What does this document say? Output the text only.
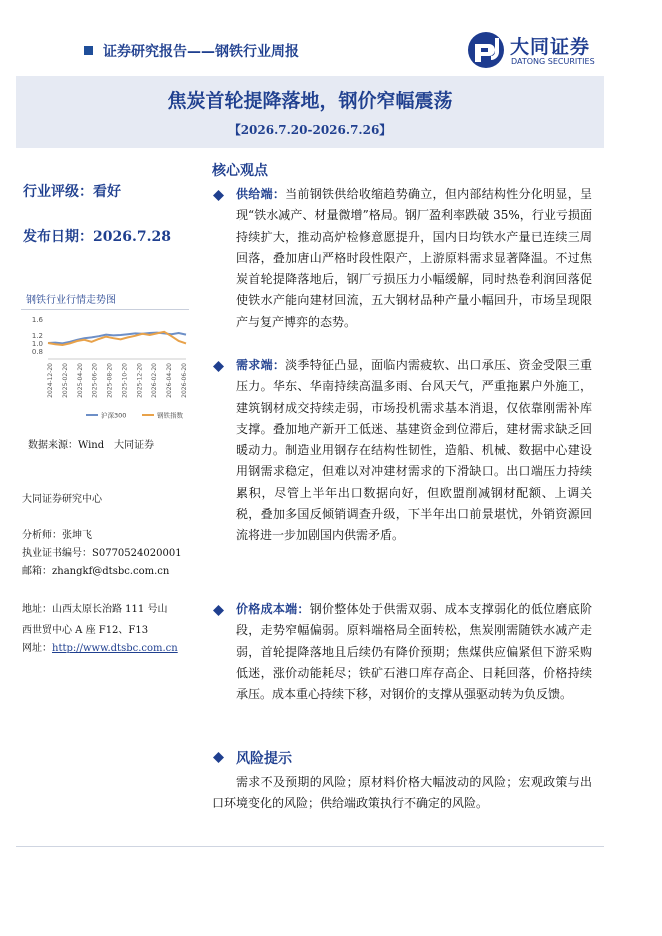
证券研究报告——钢铁行业周报	大同证券
DATONG SECURITIES
焦炭首轮提降落地，钢价窄幅震荡
【2026.7.20-2026.7.26】
行业评级：看好
发布日期：2026.7.28
钢铁行业行情走势图
1.6
1.2
1.0
0.8
2024-12-20 2025-02-20 2025-04-20 2025-06-20 2025-08-20 2025-10-20 2025-12-20 2026-02-20 2026-04-20 2026-06-20
沪深300	钢铁指数
数据来源：Wind　大同证券
大同证券研究中心
分析师：张坤飞
执业证书编号：S0770524020001
邮箱：zhangkf@dtsbc.com.cn
地址：山西太原长治路 111 号山
西世贸中心 A 座 F12、F13
网址：http://www.dtsbc.com.cn
核心观点
供给端：当前钢铁供给收缩趋势确立，但内部结构性分化明显，呈现“铁水减产、材量微增”格局。钢厂盈利率跌破 35%，行业亏损面持续扩大，推动高炉检修意愿提升，国内日均铁水产量已连续三周回落，叠加唐山严格时段性限产，上游原料需求显著降温。不过焦炭首轮提降落地后，钢厂亏损压力小幅缓解，同时热卷利润回落促使铁水产能向建材回流，五大钢材品种产量小幅回升，市场呈现限产与复产博弈的态势。
需求端：淡季特征凸显，面临内需疲软、出口承压、资金受限三重压力。华东、华南持续高温多雨、台风天气，严重拖累户外施工，建筑钢材成交持续走弱，市场投机需求基本消退，仅依靠刚需补库支撑。叠加地产新开工低迷、基建资金到位滞后，建材需求缺乏回暖动力。制造业用钢存在结构性韧性，造船、机械、数据中心建设用钢需求稳定，但难以对冲建材需求的下滑缺口。出口端压力持续累积，尽管上半年出口数据向好，但欧盟削减钢材配额、上调关税，叠加多国反倾销调查升级，下半年出口前景堪忧，外销资源回流将进一步加剧国内供需矛盾。
价格成本端：钢价整体处于供需双弱、成本支撑弱化的低位磨底阶段，走势窄幅偏弱。原料端格局全面转松，焦炭刚需随铁水减产走弱，首轮提降落地且后续仍有降价预期；焦煤供应偏紧但下游采购低迷，涨价动能耗尽；铁矿石港口库存高企、日耗回落，价格持续承压。成本重心持续下移，对钢价的支撑从强驱动转为负反馈。
风险提示
需求不及预期的风险；原材料价格大幅波动的风险；宏观政策与出口环境变化的风险；供给端政策执行不确定的风险。
